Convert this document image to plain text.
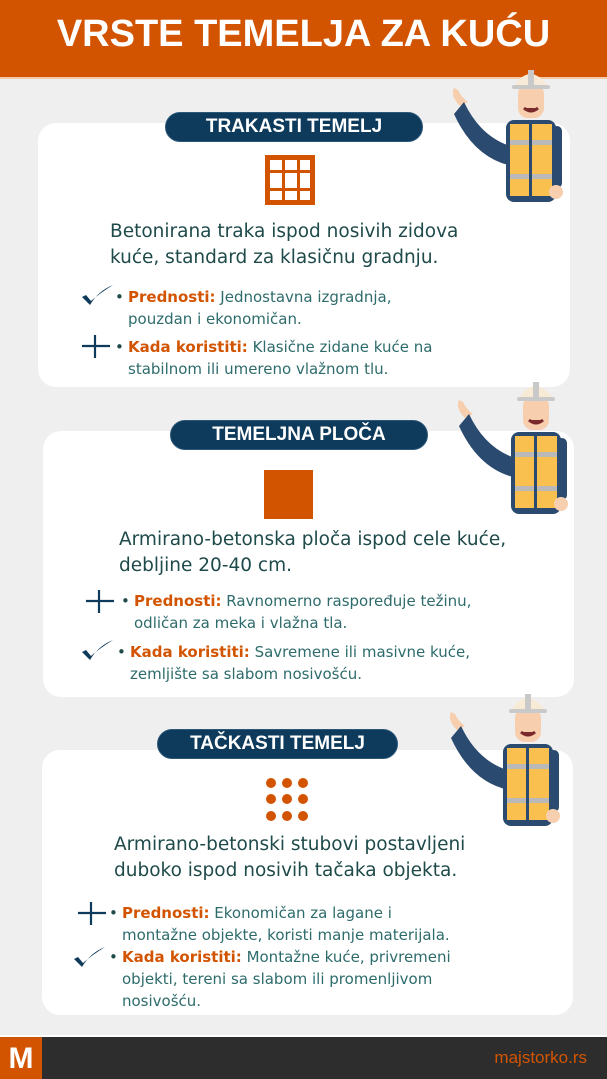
VRSTE TEMELJA ZA KUĆU
TRAKASTI TEMELJ
Betonirana traka ispod nosivih zidova
kuće, standard za klasičnu gradnju.
• Prednosti: Jednostavna izgradnja,
pouzdan i ekonomičan.
• Kada koristiti: Klasične zidane kuće na
stabilnom ili umereno vlažnom tlu.
TEMELJNA PLOČA
Armirano-betonska ploča ispod cele kuće,
debljine 20-40 cm.
• Prednosti: Ravnomerno raspoređuje težinu,
odličan za meka i vlažna tla.
• Kada koristiti: Savremene ili masivne kuće,
zemljište sa slabom nosivošću.
TAČKASTI TEMELJ
Armirano-betonski stubovi postavljeni
duboko ispod nosivih tačaka objekta.
• Prednosti: Ekonomičan za lagane i
montažne objekte, koristi manje materijala.
• Kada koristiti: Montažne kuće, privremeni
objekti, tereni sa slabom ili promenljivom
nosivošću.
M	majstorko.rs
